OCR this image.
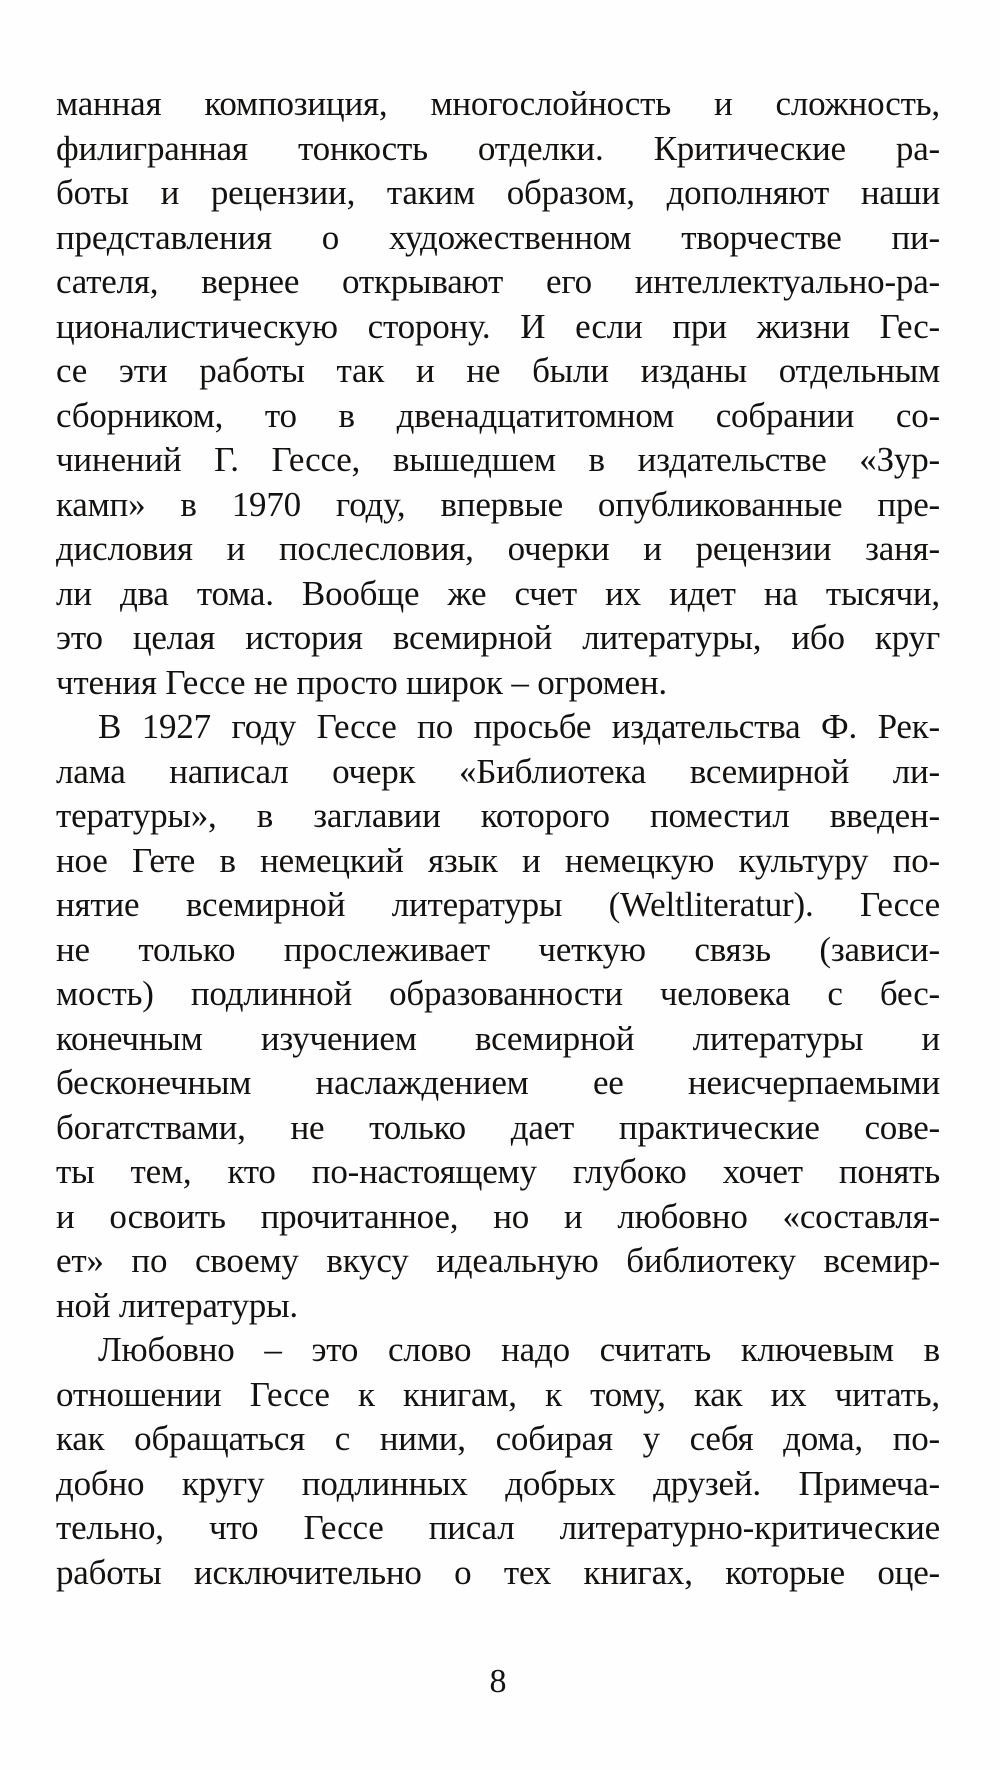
манная композиция, многослойность и сложность,
филигранная тонкость отделки. Критические ра-
боты и рецензии, таким образом, дополняют наши
представления о художественном творчестве пи-
сателя, вернее открывают его интеллектуально-ра-
ционалистическую сторону. И если при жизни Гес-
се эти работы так и не были изданы отдельным
сборником, то в двенадцатитомном собрании со-
чинений Г. Гессе, вышедшем в издательстве «Зур-
камп» в 1970 году, впервые опубликованные пре-
дисловия и послесловия, очерки и рецензии заня-
ли два тома. Вообще же счет их идет на тысячи,
это целая история всемирной литературы, ибо круг
чтения Гессе не просто широк – огромен.
В 1927 году Гессе по просьбе издательства Ф. Рек-
лама написал очерк «Библиотека всемирной ли-
тературы», в заглавии которого поместил введен-
ное Гете в немецкий язык и немецкую культуру по-
нятие всемирной литературы (Weltliteratur). Гессе
не только прослеживает четкую связь (зависи-
мость) подлинной образованности человека с бес-
конечным изучением всемирной литературы и
бесконечным наслаждением ее неисчерпаемыми
богатствами, не только дает практические сове-
ты тем, кто по-настоящему глубоко хочет понять
и освоить прочитанное, но и любовно «составля-
ет» по своему вкусу идеальную библиотеку всемир-
ной литературы.
Любовно – это слово надо считать ключевым в
отношении Гессе к книгам, к тому, как их читать,
как обращаться с ними, собирая у себя дома, по-
добно кругу подлинных добрых друзей. Примеча-
тельно, что Гессе писал литературно-критические
работы исключительно о тех книгах, которые оце-
8
